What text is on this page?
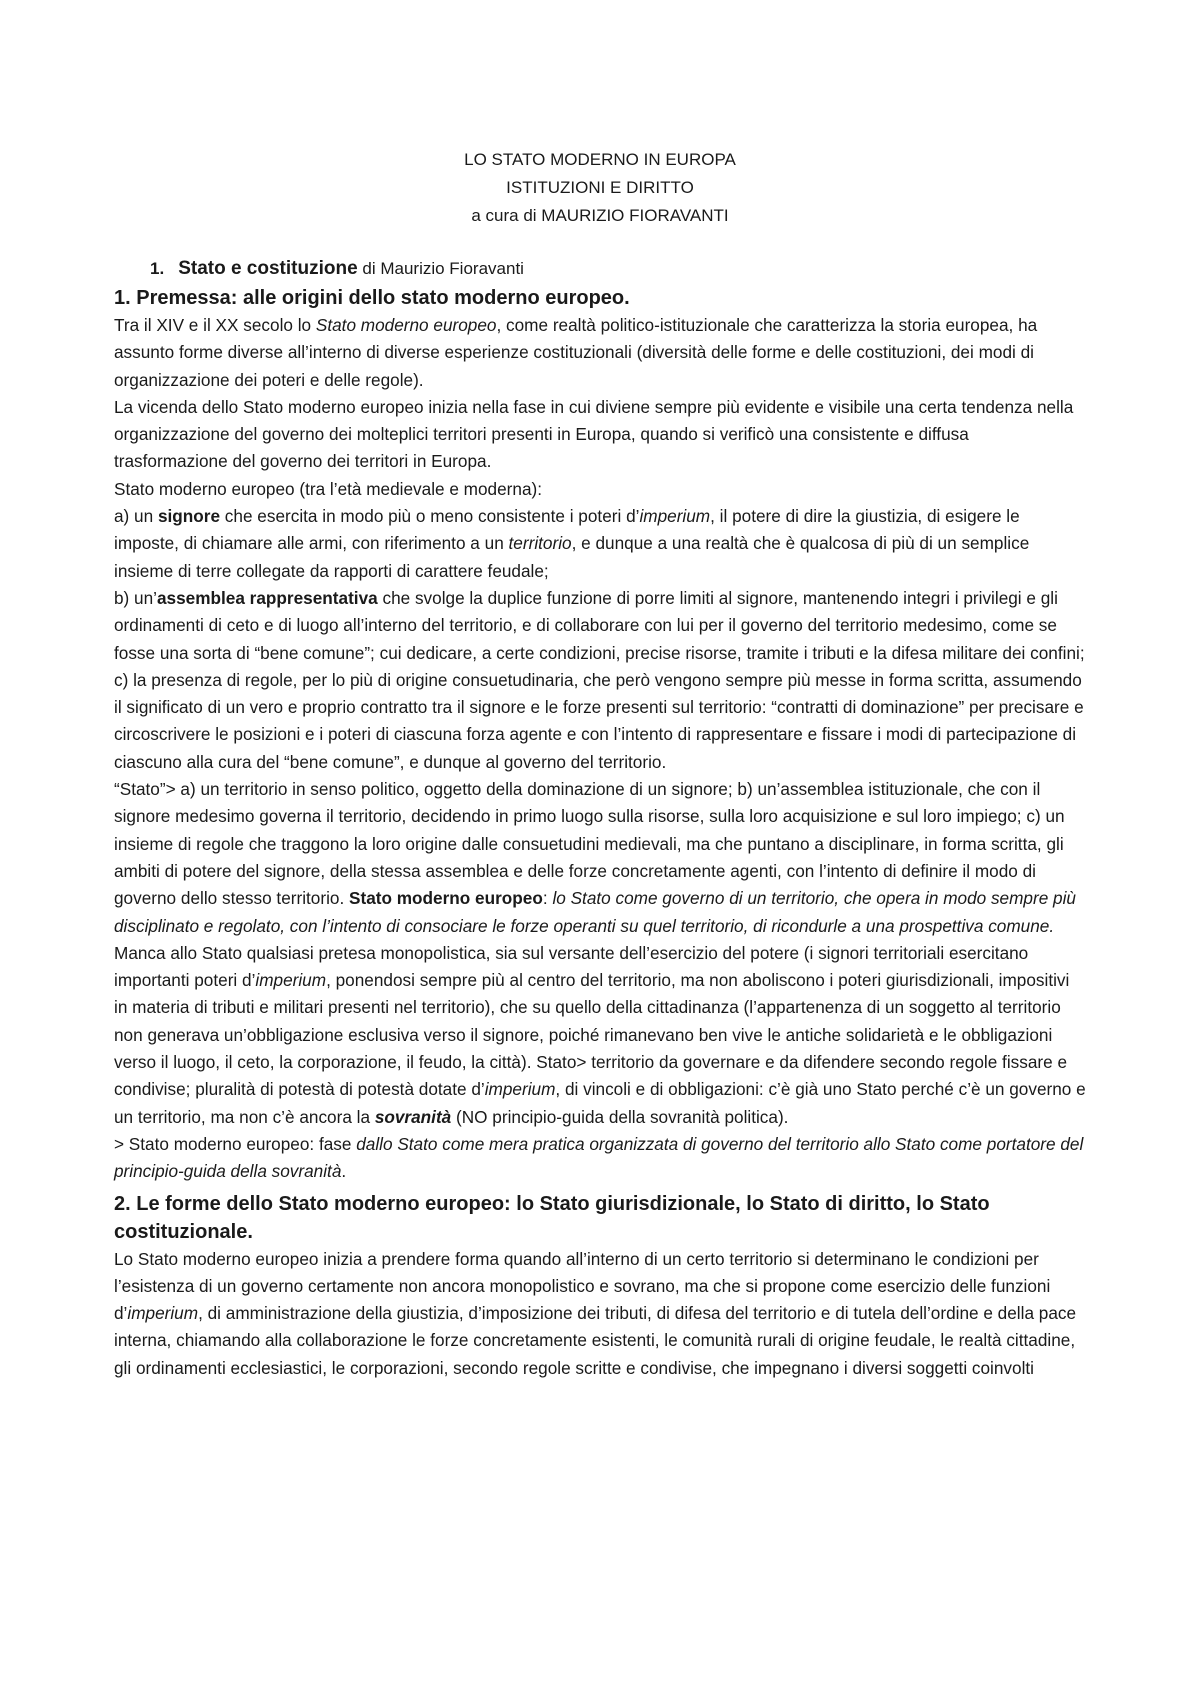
LO STATO MODERNO IN EUROPA
ISTITUZIONI E DIRITTO
a cura di MAURIZIO FIORAVANTI
1. Stato e costituzione di Maurizio Fioravanti

1. Premessa: alle origini dello stato moderno europeo.

Tra il XIV e il XX secolo lo Stato moderno europeo, come realtà politico-istituzionale che caratterizza la storia europea, ha assunto forme diverse all’interno di diverse esperienze costituzionali (diversità delle forme e delle costituzioni, dei modi di organizzazione dei poteri e delle regole).

La vicenda dello Stato moderno europeo inizia nella fase in cui diviene sempre più evidente e visibile una certa tendenza nella organizzazione del governo dei molteplici territori presenti in Europa, quando si verificò una consistente e diffusa trasformazione del governo dei territori in Europa.

Stato moderno europeo (tra l’età medievale e moderna):

a) un signore che esercita in modo più o meno consistente i poteri d’imperium, il potere di dire la giustizia, di esigere le imposte, di chiamare alle armi, con riferimento a un territorio, e dunque a una realtà che è qualcosa di più di un semplice insieme di terre collegate da rapporti di carattere feudale;

b) un’assemblea rappresentativa che svolge la duplice funzione di porre limiti al signore, mantenendo integri i privilegi e gli ordinamenti di ceto e di luogo all’interno del territorio, e di collaborare con lui per il governo del territorio medesimo, come se fosse una sorta di “bene comune”; cui dedicare, a certe condizioni, precise risorse, tramite i tributi e la difesa militare dei confini;

c) la presenza di regole, per lo più di origine consuetudinaria, che però vengono sempre più messe in forma scritta, assumendo il significato di un vero e proprio contratto tra il signore e le forze presenti sul territorio: “contratti di dominazione” per precisare e circoscrivere le posizioni e i poteri di ciascuna forza agente e con l’intento di rappresentare e fissare i modi di partecipazione di ciascuno alla cura del “bene comune”, e dunque al governo del territorio.

“Stato”> a) un territorio in senso politico, oggetto della dominazione di un signore; b) un’assemblea istituzionale, che con il signore medesimo governa il territorio, decidendo in primo luogo sulla risorse, sulla loro acquisizione e sul loro impiego; c) un insieme di regole che traggono la loro origine dalle consuetudini medievali, ma che puntano a disciplinare, in forma scritta, gli ambiti di potere del signore, della stessa assemblea e delle forze concretamente agenti, con l’intento di definire il modo di governo dello stesso territorio. Stato moderno europeo: lo Stato come governo di un territorio, che opera in modo sempre più disciplinato e regolato, con l’intento di consociare le forze operanti su quel territorio, di ricondurle a una prospettiva comune.

Manca allo Stato qualsiasi pretesa monopolistica, sia sul versante dell’esercizio del potere (i signori territoriali esercitano importanti poteri d’imperium, ponendosi sempre più al centro del territorio, ma non aboliscono i poteri giurisdizionali, impositivi in materia di tributi e militari presenti nel territorio), che su quello della cittadinanza (l’appartenenza di un soggetto al territorio non generava un’obbligazione esclusiva verso il signore, poiché rimanevano ben vive le antiche solidarietà e le obbligazioni verso il luogo, il ceto, la corporazione, il feudo, la città). Stato> territorio da governare e da difendere secondo regole fissare e condivise; pluralità di potestà di potestà dotate d’imperium, di vincoli e di obbligazioni: c’è già uno Stato perché c’è un governo e un territorio, ma non c’è ancora la sovranità (NO principio-guida della sovranità politica).

> Stato moderno europeo: fase dallo Stato come mera pratica organizzata di governo del territorio allo Stato come portatore del principio-guida della sovranità.

2. Le forme dello Stato moderno europeo: lo Stato giurisdizionale, lo Stato di diritto, lo Stato costituzionale.

Lo Stato moderno europeo inizia a prendere forma quando all’interno di un certo territorio si determinano le condizioni per l’esistenza di un governo certamente non ancora monopolistico e sovrano, ma che si propone come esercizio delle funzioni d’imperium, di amministrazione della giustizia, d’imposizione dei tributi, di difesa del territorio e di tutela dell’ordine e della pace interna, chiamando alla collaborazione le forze concretamente esistenti, le comunità rurali di origine feudale, le realtà cittadine, gli ordinamenti ecclesiastici, le corporazioni, secondo regole scritte e condivise, che impegnano i diversi soggetti coinvolti
